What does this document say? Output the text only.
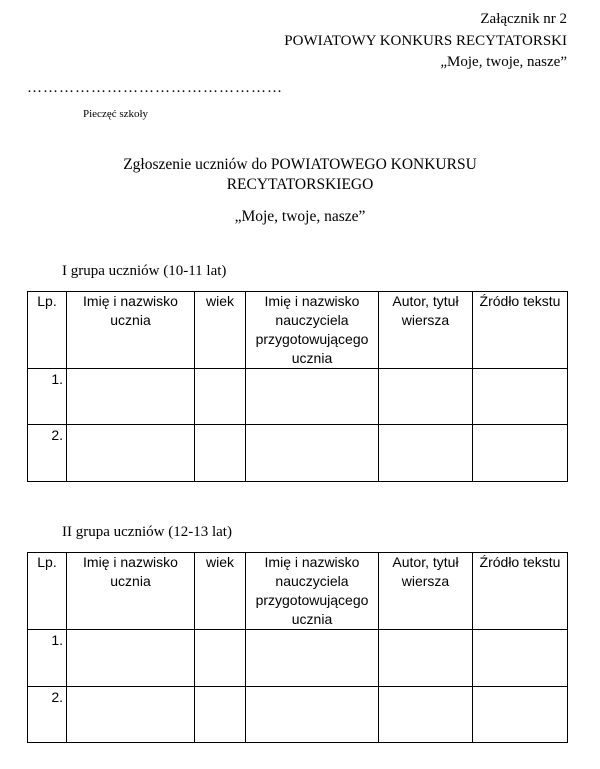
Załącznik nr 2
POWIATOWY KONKURS RECYTATORSKI
„Moje, twoje, nasze”
…………………………………………
Pieczęć szkoły
Zgłoszenie uczniów do POWIATOWEGO KONKURSU
RECYTATORSKIEGO
„Moje, twoje, nasze”
I grupa uczniów (10-11 lat)
Lp.	Imię i nazwisko ucznia	wiek	Imię i nazwisko nauczyciela przygotowującego ucznia	Autor, tytuł wiersza	Źródło tekstu
1.					
2.					
II grupa uczniów (12-13 lat)
Lp.	Imię i nazwisko ucznia	wiek	Imię i nazwisko nauczyciela przygotowującego ucznia	Autor, tytuł wiersza	Źródło tekstu
1.					
2.					
